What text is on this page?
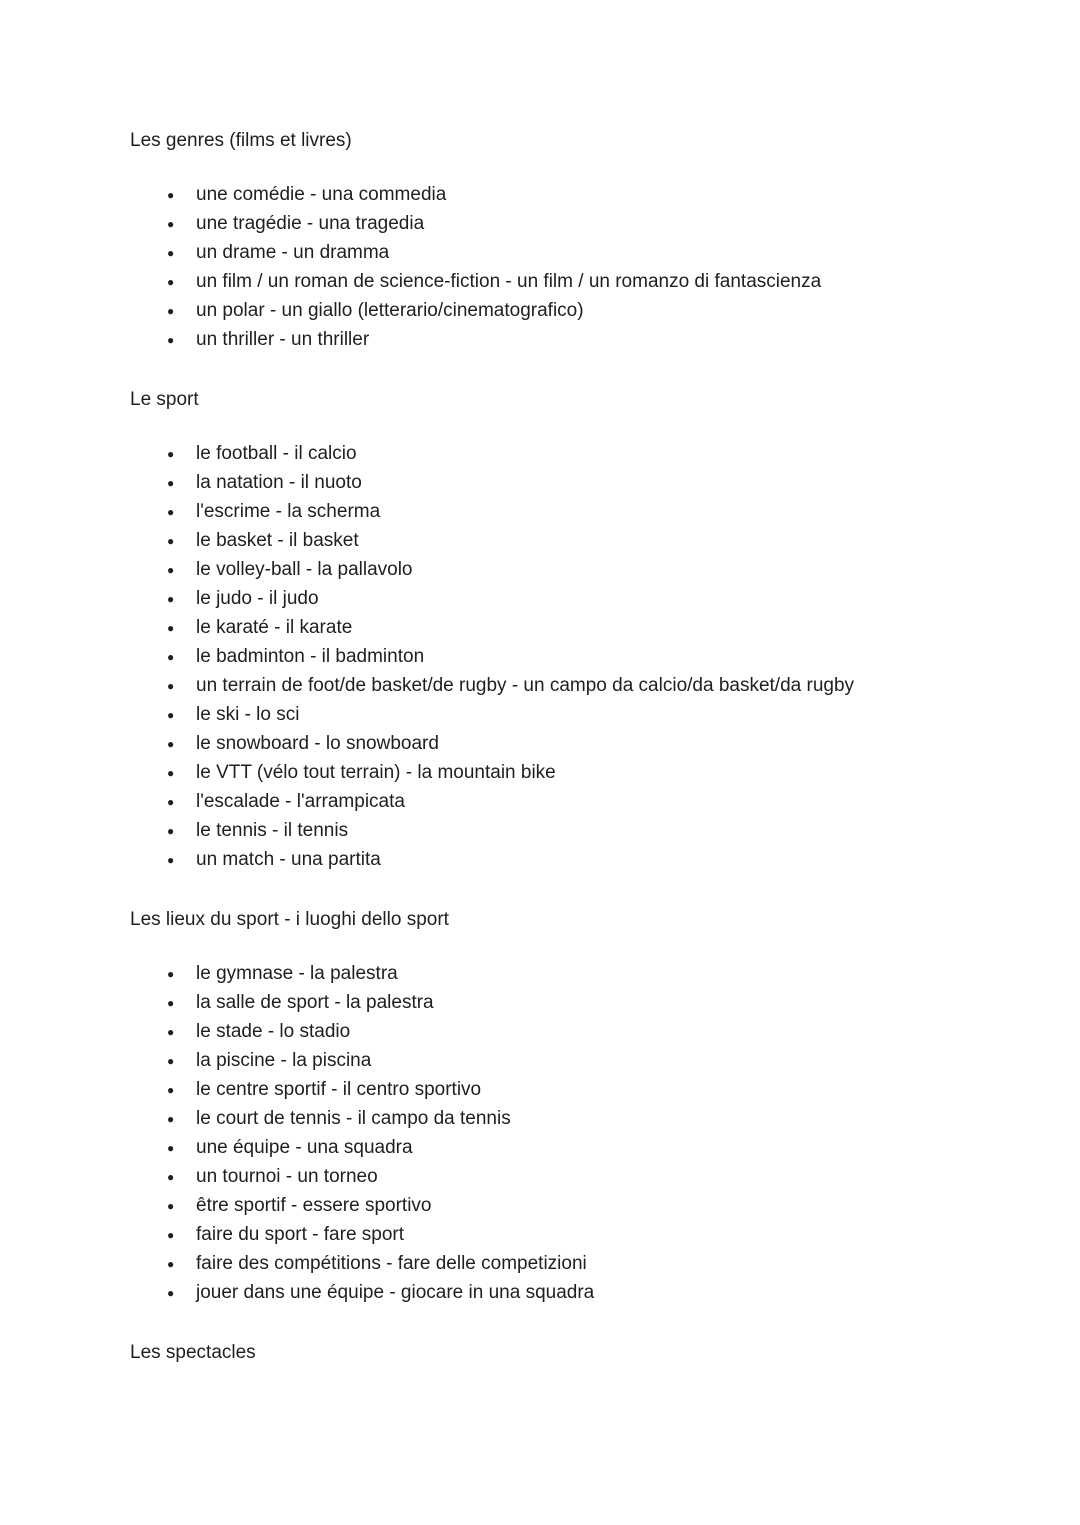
Les genres (films et livres)
● une comédie - una commedia
● une tragédie - una tragedia
● un drame - un dramma
● un film / un roman de science-fiction - un film / un romanzo di fantascienza
● un polar - un giallo (letterario/cinematografico)
● un thriller - un thriller
Le sport
● le football - il calcio
● la natation - il nuoto
● l'escrime - la scherma
● le basket - il basket
● le volley-ball - la pallavolo
● le judo - il judo
● le karaté - il karate
● le badminton - il badminton
● un terrain de foot/de basket/de rugby - un campo da calcio/da basket/da rugby
● le ski - lo sci
● le snowboard - lo snowboard
● le VTT (vélo tout terrain) - la mountain bike
● l'escalade - l'arrampicata
● le tennis - il tennis
● un match - una partita
Les lieux du sport - i luoghi dello sport
● le gymnase - la palestra
● la salle de sport - la palestra
● le stade - lo stadio
● la piscine - la piscina
● le centre sportif - il centro sportivo
● le court de tennis - il campo da tennis
● une équipe - una squadra
● un tournoi - un torneo
● être sportif - essere sportivo
● faire du sport - fare sport
● faire des compétitions - fare delle competizioni
● jouer dans une équipe - giocare in una squadra
Les spectacles
